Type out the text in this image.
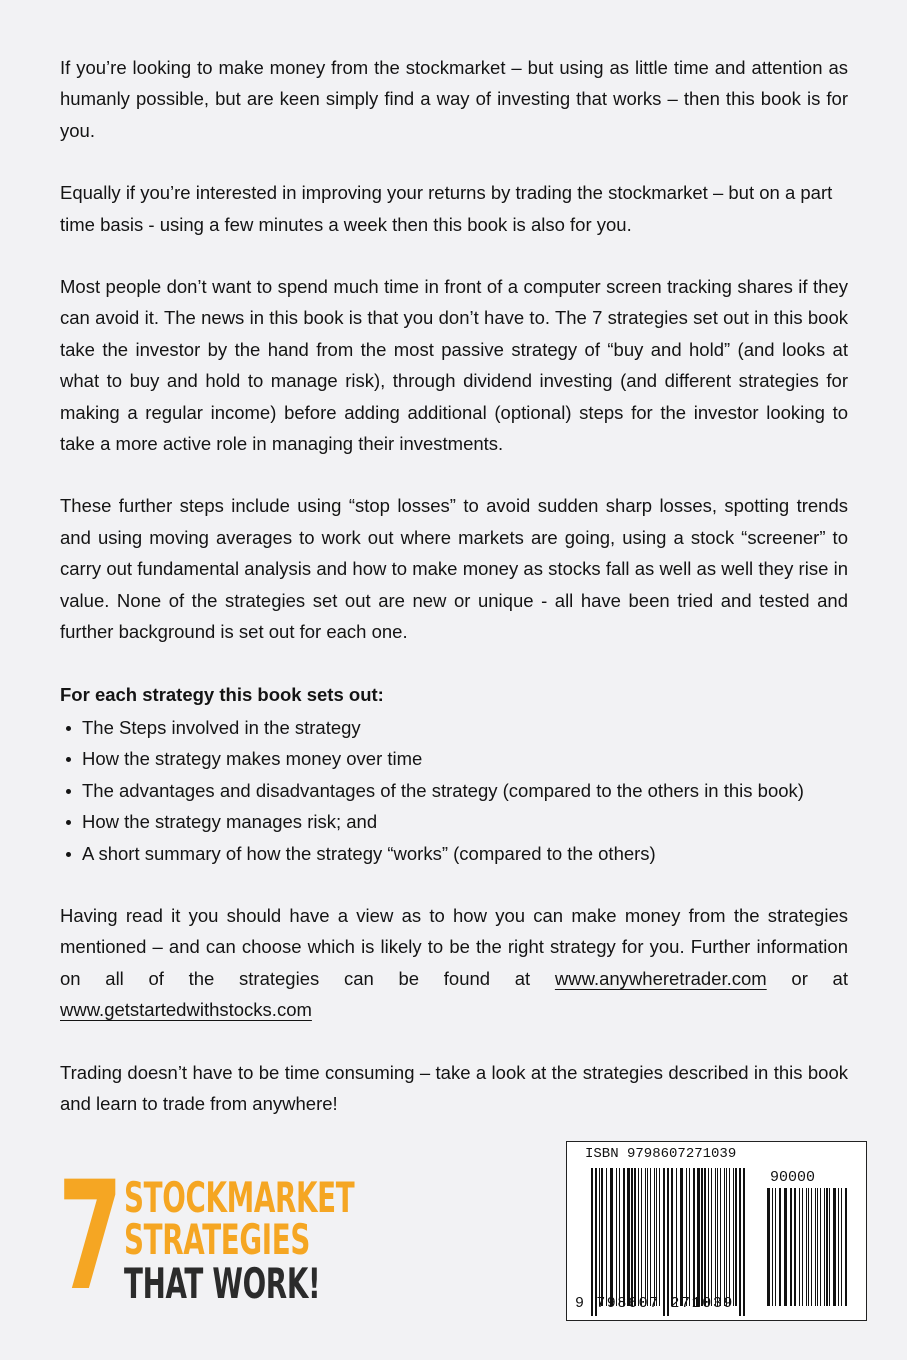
If you’re looking to make money from the stockmarket – but using as little time and attention as humanly possible, but are keen simply find a way of investing that works – then this book is for you.

Equally if you’re interested in improving your returns by trading the stockmarket – but on a part time basis - using a few minutes a week then this book is also for you.

Most people don’t want to spend much time in front of a computer screen tracking shares if they can avoid it. The news in this book is that you don’t have to. The 7 strategies set out in this book take the investor by the hand from the most passive strategy of “buy and hold” (and looks at what to buy and hold to manage risk), through dividend investing (and different strategies for making a regular income) before adding additional (optional) steps for the investor looking to take a more active role in managing their investments.

These further steps include using “stop losses” to avoid sudden sharp losses, spotting trends and using moving averages to work out where markets are going, using a stock “screener” to carry out fundamental analysis and how to make money as stocks fall as well as well they rise in value. None of the strategies set out are new or unique - all have been tried and tested and further background is set out for each one.

For each strategy this book sets out:
The Steps involved in the strategy
How the strategy makes money over time
The advantages and disadvantages of the strategy (compared to the others in this book)
How the strategy manages risk; and
A short summary of how the strategy “works” (compared to the others)

Having read it you should have a view as to how you can make money from the strategies mentioned – and can choose which is likely to be the right strategy for you. Further information on all of the strategies can be found at www.anywheretrader.com or at www.getstartedwithstocks.com

Trading doesn’t have to be time consuming – take a look at the strategies described in this book and learn to trade from anywhere!

7 STOCKMARKET
STRATEGIES
THAT WORK!
ISBN 9798607271039
90000
9 798607 271039
